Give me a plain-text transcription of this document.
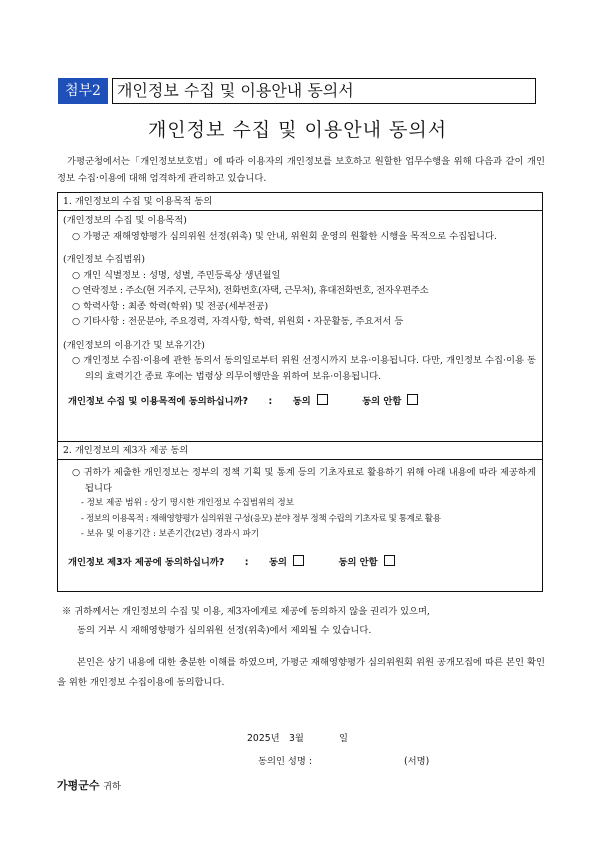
첨부2	개인정보 수집 및 이용안내 동의서
개인정보 수집 및 이용안내 동의서
가평군청에서는「개인정보보호법」에 따라 이용자의 개인정보를 보호하고 원할한 업무수행을 위해 다음과 같이 개인정보 수집·이용에 대해 엄격하게 관리하고 있습니다.
1. 개인정보의 수집 및 이용목적 동의
(개인정보의 수집 및 이용목적)
○ 가평군 재해영향평가 심의위원 선정(위촉) 및 안내, 위원회 운영의 원활한 시행을 목적으로 수집됩니다.
(개인정보 수집범위)
○ 개인 식별정보 : 성명, 성별, 주민등록상 생년월일
○ 연락정보 : 주소(현 거주지, 근무처), 전화번호(자택, 근무처), 휴대전화번호, 전자우편주소
○ 학력사항 : 최종 학력(학위) 및 전공(세부전공)
○ 기타사항 : 전문분야, 주요경력, 자격사항, 학력, 위원회・자문활동, 주요저서 등
(개인정보의 이용기간 및 보유기간)
○ 개인정보 수집·이용에 관한 동의서 동의일로부터 위원 선정시까지 보유·이용됩니다. 다만, 개인정보 수집·이용 동의의 효력기간 종료 후에는 법령상 의무이행만을 위하여 보유·이용됩니다.
개인정보 수집 및 이용목적에 동의하십니까? : 동의	동의 안함
2. 개인정보의 제3자 제공 동의
○ 귀하가 제출한 개인정보는 정부의 정책 기획 및 통계 등의 기초자료로 활용하기 위해 아래 내용에 따라 제공하게 됩니다
- 정보 제공 범위 : 상기 명시한 개인정보 수집범위의 정보
- 정보의 이용목적 : 재해영향평가 심의위원 구성(응모) 분야 정부 정책 수립의 기초자료 및 통계로 활용
- 보유 및 이용기간 : 보존기간(2년) 경과시 파기
개인정보 제3자 제공에 동의하십니까? : 동의	동의 안함
※ 귀하께서는 개인정보의 수집 및 이용, 제3자에게로 제공에 동의하지 않을 권리가 있으며,
동의 거부 시 재해영향평가 심의위원 선정(위촉)에서 제외될 수 있습니다.
본인은 상기 내용에 대한 충분한 이해를 하였으며, 가평군 재해영향평가 심의위원회 위원 공개모집에 따른 본인 확인을 위한 개인정보 수집이용에 동의합니다.
2025년 3월	일
동의인 성명 :	(서명)
가평군수 귀하
